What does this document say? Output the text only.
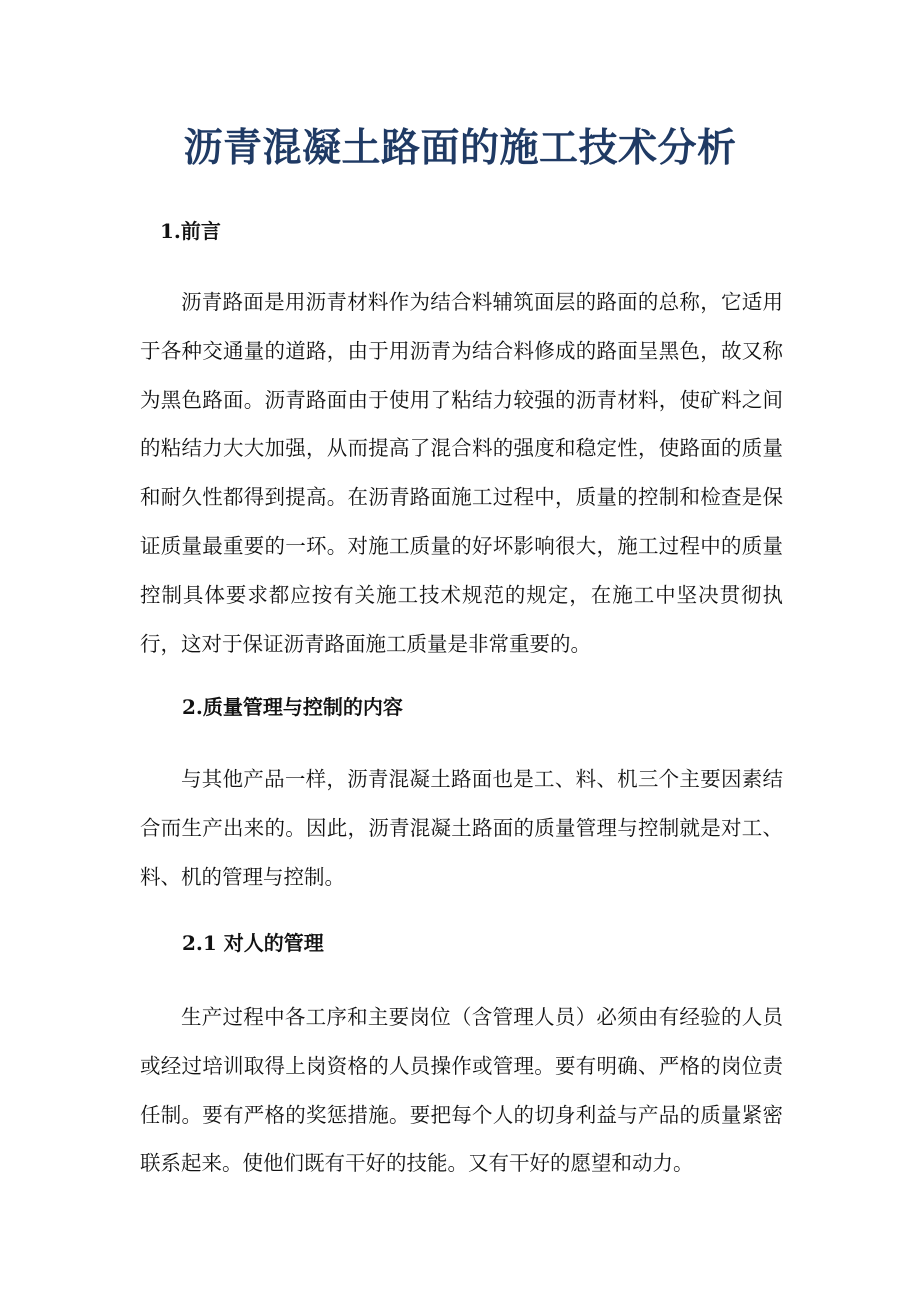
沥青混凝土路面的施工技术分析
1.前言

沥青路面是用沥青材料作为结合料辅筑面层的路面的总称，它适用于各种交通量的道路，由于用沥青为结合料修成的路面呈黑色，故又称为黑色路面。沥青路面由于使用了粘结力较强的沥青材料，使矿料之间的粘结力大大加强，从而提高了混合料的强度和稳定性，使路面的质量和耐久性都得到提高。在沥青路面施工过程中，质量的控制和检查是保证质量最重要的一环。对施工质量的好坏影响很大，施工过程中的质量控制具体要求都应按有关施工技术规范的规定，在施工中坚决贯彻执行，这对于保证沥青路面施工质量是非常重要的。

2.质量管理与控制的内容

与其他产品一样，沥青混凝土路面也是工、料、机三个主要因素结合而生产出来的。因此，沥青混凝土路面的质量管理与控制就是对工、料、机的管理与控制。

2.1 对人的管理

生产过程中各工序和主要岗位（含管理人员）必须由有经验的人员或经过培训取得上岗资格的人员操作或管理。要有明确、严格的岗位责任制。要有严格的奖惩措施。要把每个人的切身利益与产品的质量紧密联系起来。使他们既有干好的技能。又有干好的愿望和动力。
